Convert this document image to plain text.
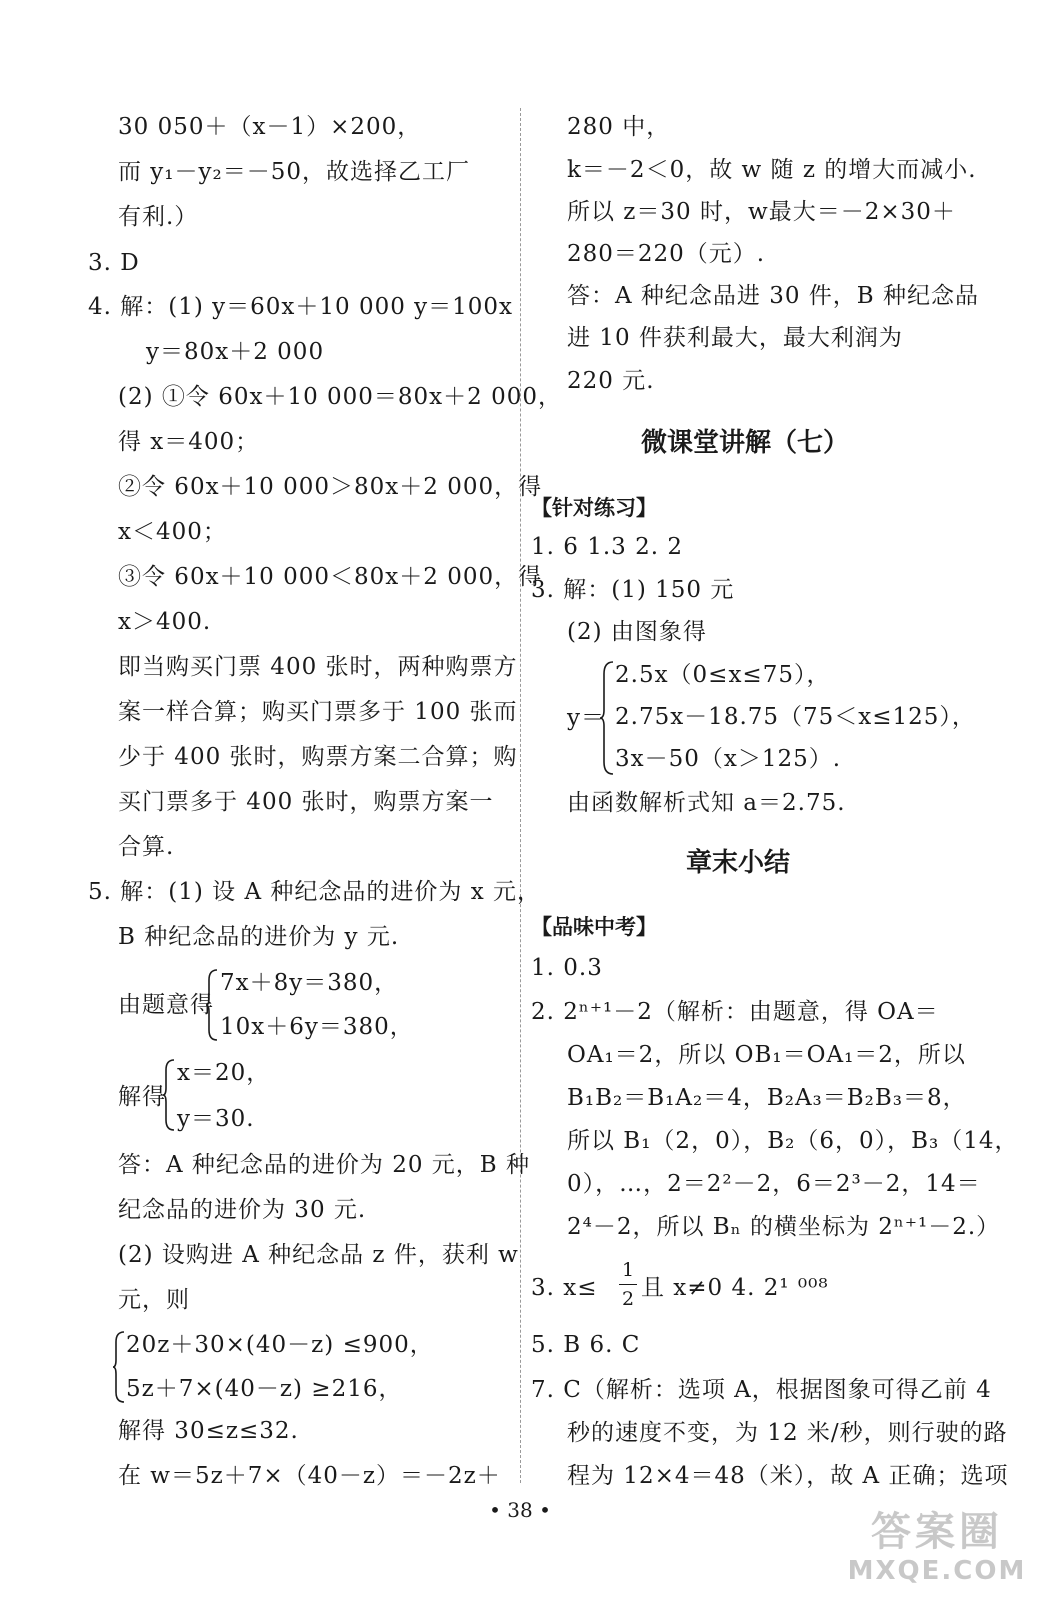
30 050＋（x－1）×200，
而 y₁－y₂＝－50，故选择乙工厂
有利.）
3. D
4. 解：(1) y＝60x＋10 000 y＝100x
y＝80x＋2 000
(2) ①令 60x＋10 000＝80x＋2 000，
得 x＝400；
②令 60x＋10 000＞80x＋2 000，得
x＜400；
③令 60x＋10 000＜80x＋2 000，得
x＞400.
即当购买门票 400 张时，两种购票方
案一样合算；购买门票多于 100 张而
少于 400 张时，购票方案二合算；购
买门票多于 400 张时，购票方案一
合算.
5. 解：(1) 设 A 种纪念品的进价为 x 元，
B 种纪念品的进价为 y 元.
由题意得
7x＋8y＝380，
10x＋6y＝380，
解得
x＝20，
y＝30.
答：A 种纪念品的进价为 20 元，B 种
纪念品的进价为 30 元.
(2) 设购进 A 种纪念品 z 件，获利 w
元，则
20z＋30×(40－z) ≤900，
5z＋7×(40－z) ≥216，
解得 30≤z≤32.
在 w＝5z＋7×（40－z）＝－2z＋
280 中，
k＝－2＜0，故 w 随 z 的增大而减小.
所以 z＝30 时，w最大＝－2×30＋
280＝220（元）.
答：A 种纪念品进 30 件，B 种纪念品
进 10 件获利最大，最大利润为
220 元.
微课堂讲解（七）
【针对练习】
1. 6 1.3 2. 2
3. 解：(1) 150 元
(2) 由图象得
y＝
2.5x（0≤x≤75），
2.75x－18.75（75＜x≤125），
3x－50（x＞125）.
由函数解析式知 a＝2.75.
章末小结
【品味中考】
1. 0.3
2. 2ⁿ⁺¹－2（解析：由题意，得 OA＝
OA₁＝2，所以 OB₁＝OA₁＝2，所以
B₁B₂＝B₁A₂＝4，B₂A₃＝B₂B₃＝8，
所以 B₁（2，0），B₂（6，0），B₃（14，
0），…，2＝2²－2，6＝2³－2，14＝
2⁴－2，所以 Bₙ 的横坐标为 2ⁿ⁺¹－2.）
3. x≤
1
2 且 x≠0 4. 2¹ ⁰⁰⁸
5. B 6. C
7. C（解析：选项 A，根据图象可得乙前 4
秒的速度不变，为 12 米/秒，则行驶的路
程为 12×4＝48（米），故 A 正确；选项
• 38 •	答案圈
MXQE.COM
